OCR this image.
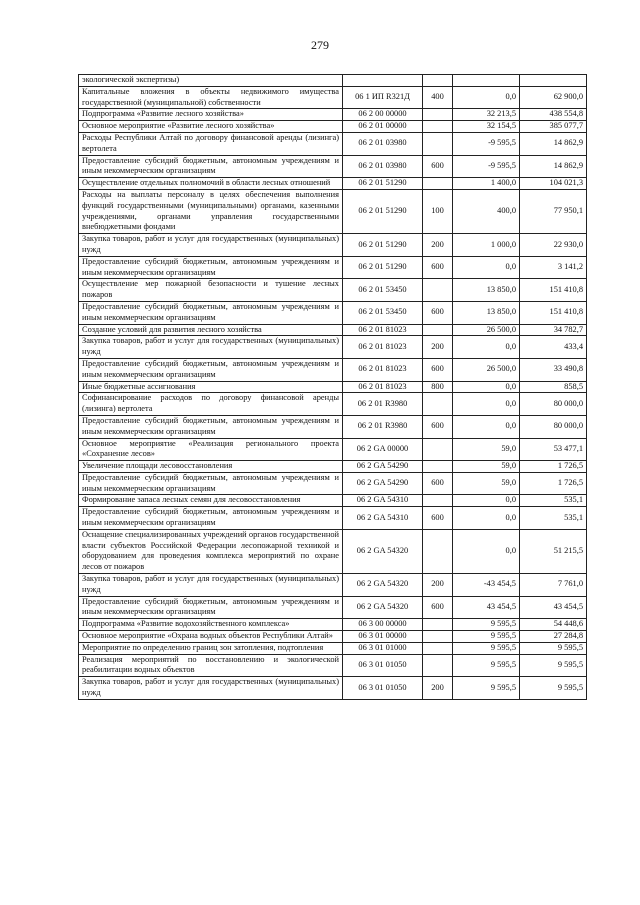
279
экологической экспертизы)				
Капитальные вложения в объекты недвижимого имущества государственной (муниципальной) собственности	06 1 ИП R321Д	400	0,0	62 900,0
Подпрограмма «Развитие лесного хозяйства»	06 2 00 00000		32 213,5	438 554,8
Основное мероприятие «Развитие лесного хозяйства»	06 2 01 00000		32 154,5	385 077,7
Расходы Республики Алтай по договору финансовой аренды (лизинга) вертолета	06 2 01 03980		-9 595,5	14 862,9
Предоставление субсидий бюджетным, автономным учреждениям и иным некоммерческим организациям	06 2 01 03980	600	-9 595,5	14 862,9
Осуществление отдельных полномочий в области лесных отношений	06 2 01 51290		1 400,0	104 021,3
Расходы на выплаты персоналу в целях обеспечения выполнения функций государственными (муниципальными) органами, казенными учреждениями, органами управления государственными внебюджетными фондами	06 2 01 51290	100	400,0	77 950,1
Закупка товаров, работ и услуг для государственных (муниципальных) нужд	06 2 01 51290	200	1 000,0	22 930,0
Предоставление субсидий бюджетным, автономным учреждениям и иным некоммерческим организациям	06 2 01 51290	600	0,0	3 141,2
Осуществление мер пожарной безопасности и тушение лесных пожаров	06 2 01 53450		13 850,0	151 410,8
Предоставление субсидий бюджетным, автономным учреждениям и иным некоммерческим организациям	06 2 01 53450	600	13 850,0	151 410,8
Создание условий для развития лесного хозяйства	06 2 01 81023		26 500,0	34 782,7
Закупка товаров, работ и услуг для государственных (муниципальных) нужд	06 2 01 81023	200	0,0	433,4
Предоставление субсидий бюджетным, автономным учреждениям и иным некоммерческим организациям	06 2 01 81023	600	26 500,0	33 490,8
Иные бюджетные ассигнования	06 2 01 81023	800	0,0	858,5
Софинансирование расходов по договору финансовой аренды (лизинга) вертолета	06 2 01 R3980		0,0	80 000,0
Предоставление субсидий бюджетным, автономным учреждениям и иным некоммерческим организациям	06 2 01 R3980	600	0,0	80 000,0
Основное мероприятие «Реализация регионального проекта «Сохранение лесов»	06 2 GA 00000		59,0	53 477,1
Увеличение площади лесовосстановления	06 2 GA 54290		59,0	1 726,5
Предоставление субсидий бюджетным, автономным учреждениям и иным некоммерческим организациям	06 2 GA 54290	600	59,0	1 726,5
Формирование запаса лесных семян для лесовосстановления	06 2 GA 54310		0,0	535,1
Предоставление субсидий бюджетным, автономным учреждениям и иным некоммерческим организациям	06 2 GA 54310	600	0,0	535,1
Оснащение специализированных учреждений органов государственной власти субъектов Российской Федерации лесопожарной техникой и оборудованием для проведения комплекса мероприятий по охране лесов от пожаров	06 2 GA 54320		0,0	51 215,5
Закупка товаров, работ и услуг для государственных (муниципальных) нужд	06 2 GA 54320	200	-43 454,5	7 761,0
Предоставление субсидий бюджетным, автономным учреждениям и иным некоммерческим организациям	06 2 GA 54320	600	43 454,5	43 454,5
Подпрограмма «Развитие водохозяйственного комплекса»	06 3 00 00000		9 595,5	54 448,6
Основное мероприятие «Охрана водных объектов Республики Алтай»	06 3 01 00000		9 595,5	27 284,8
Мероприятие по определению границ зон затопления, подтопления	06 3 01 01000		9 595,5	9 595,5
Реализация мероприятий по восстановлению и экологической реабилитации водных объектов	06 3 01 01050		9 595,5	9 595,5
Закупка товаров, работ и услуг для государственных (муниципальных) нужд	06 3 01 01050	200	9 595,5	9 595,5
